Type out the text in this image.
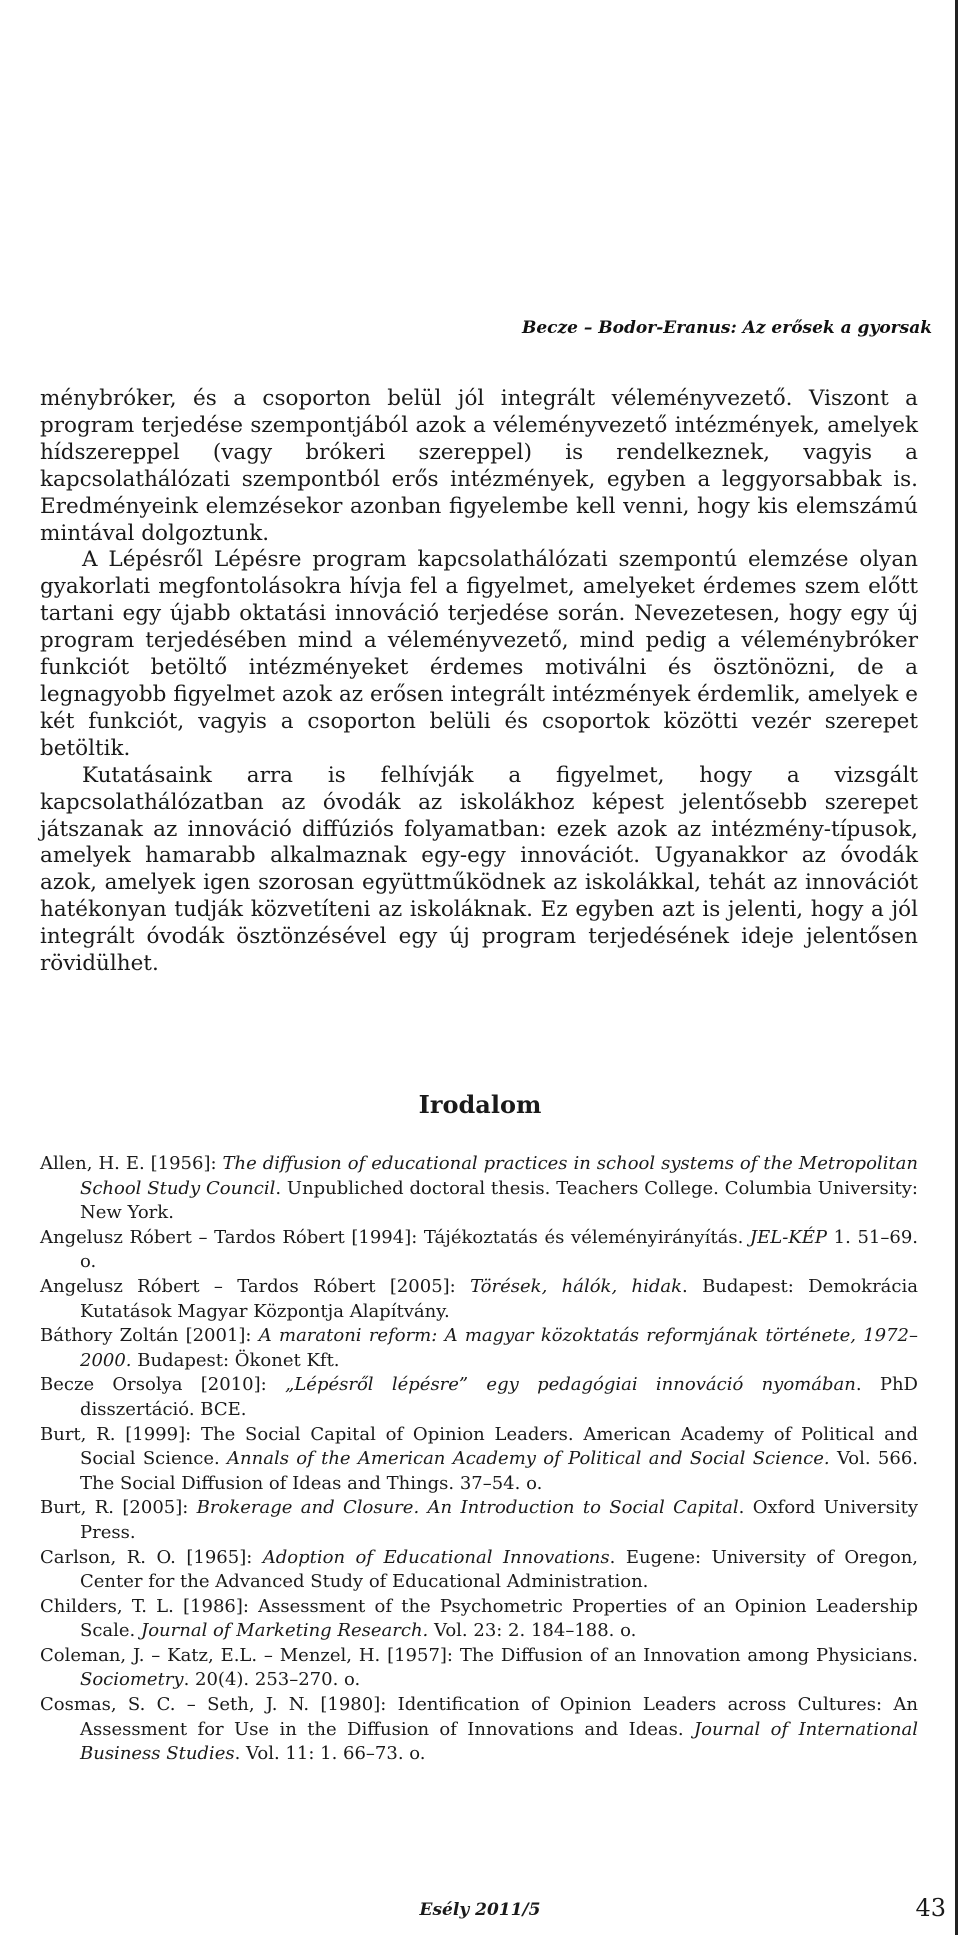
Becze – Bodor-Eranus: Az erősek a gyorsak

ménybróker, és a csoporton belül jól integrált véleményvezető. Viszont a program terjedése szempontjából azok a véleményvezető intézmények, amelyek hídszereppel (vagy brókeri szereppel) is rendelkeznek, vagyis a kapcsolathálózati szempontból erős intézmények, egyben a leggyorsabbak is. Eredményeink elemzésekor azonban figyelembe kell venni, hogy kis elemszámú mintával dolgoztunk.

A Lépésről Lépésre program kapcsolathálózati szempontú elemzése olyan gyakorlati megfontolásokra hívja fel a figyelmet, amelyeket érdemes szem előtt tartani egy újabb oktatási innováció terjedése során. Nevezetesen, hogy egy új program terjedésében mind a véleményvezető, mind pedig a véleménybróker funkciót betöltő intézményeket érdemes motiválni és ösztönözni, de a legnagyobb figyelmet azok az erősen integrált intézmények érdemlik, amelyek e két funkciót, vagyis a csoporton belüli és csoportok közötti vezér szerepet betöltik.

Kutatásaink arra is felhívják a figyelmet, hogy a vizsgált kapcsolathálózatban az óvodák az iskolákhoz képest jelentősebb szerepet játszanak az innováció diffúziós folyamatban: ezek azok az intézmény-típusok, amelyek hamarabb alkalmaznak egy-egy innovációt. Ugyanakkor az óvodák azok, amelyek igen szorosan együttműködnek az iskolákkal, tehát az innovációt hatékonyan tudják közvetíteni az iskoláknak. Ez egyben azt is jelenti, hogy a jól integrált óvodák ösztönzésével egy új program terjedésének ideje jelentősen rövidülhet.

Irodalom
Allen, H. E. [1956]: The diffusion of educational practices in school systems of the Metropolitan School Study Council. Unpubliched doctoral thesis. Teachers College. Columbia University: New York.
Angelusz Róbert – Tardos Róbert [1994]: Tájékoztatás és véleményirányítás. JEL-KÉP 1. 51–69. o.
Angelusz Róbert – Tardos Róbert [2005]: Törések, hálók, hidak. Budapest: Demokrácia Kutatások Magyar Központja Alapítvány.
Báthory Zoltán [2001]: A maratoni reform: A magyar közoktatás reformjának története, 1972–2000. Budapest: Ökonet Kft.
Becze Orsolya [2010]: „Lépésről lépésre” egy pedagógiai innováció nyomában. PhD disszertáció. BCE.
Burt, R. [1999]: The Social Capital of Opinion Leaders. American Academy of Political and Social Science. Annals of the American Academy of Political and Social Science. Vol. 566. The Social Diffusion of Ideas and Things. 37–54. o.
Burt, R. [2005]: Brokerage and Closure. An Introduction to Social Capital. Oxford University Press.
Carlson, R. O. [1965]: Adoption of Educational Innovations. Eugene: University of Oregon, Center for the Advanced Study of Educational Administration.
Childers, T. L. [1986]: Assessment of the Psychometric Properties of an Opinion Leadership Scale. Journal of Marketing Research. Vol. 23: 2. 184–188. o.
Coleman, J. – Katz, E.L. – Menzel, H. [1957]: The Diffusion of an Innovation among Physicians. Sociometry. 20(4). 253–270. o.
Cosmas, S. C. – Seth, J. N. [1980]: Identification of Opinion Leaders across Cultures: An Assessment for Use in the Diffusion of Innovations and Ideas. Journal of International Business Studies. Vol. 11: 1. 66–73. o.

Esély 2011/5	43
